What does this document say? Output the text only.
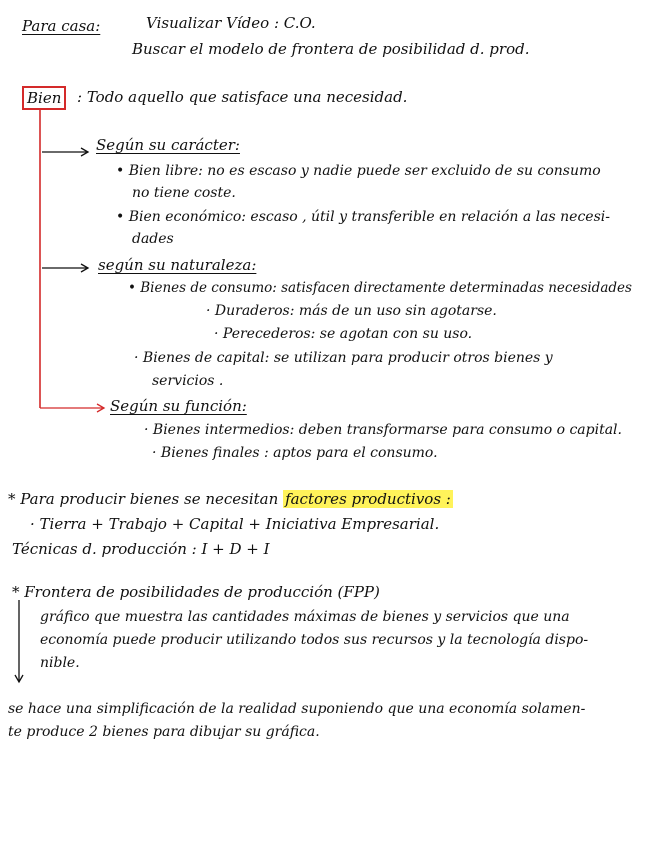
Para casa:	Visualizar Vídeo : C.O.
Buscar el modelo de frontera de posibilidad d. prod.
Bien	: Todo aquello que satisface una necesidad.
Según su carácter:
• Bien libre: no es escaso y nadie puede ser excluido de su consumo
no tiene coste.
• Bien económico: escaso , útil y transferible en relación a las necesi-
dades
según su naturaleza:
• Bienes de consumo: satisfacen directamente determinadas necesidades
· Duraderos: más de un uso sin agotarse.
· Perecederos: se agotan con su uso.
· Bienes de capital: se utilizan para producir otros bienes y
servicios .
Según su función:
· Bienes intermedios: deben transformarse para consumo o capital.
· Bienes finales : aptos para el consumo.
* Para producir bienes se necesitan factores productivos :
· Tierra + Trabajo + Capital + Iniciativa Empresarial.
Técnicas d. producción : I + D + I
* Frontera de posibilidades de producción (FPP)
gráfico que muestra las cantidades máximas de bienes y servicios que una
economía puede producir utilizando todos sus recursos y la tecnología dispo-
nible.
se hace una simplificación de la realidad suponiendo que una economía solamen-
te produce 2 bienes para dibujar su gráfica.
